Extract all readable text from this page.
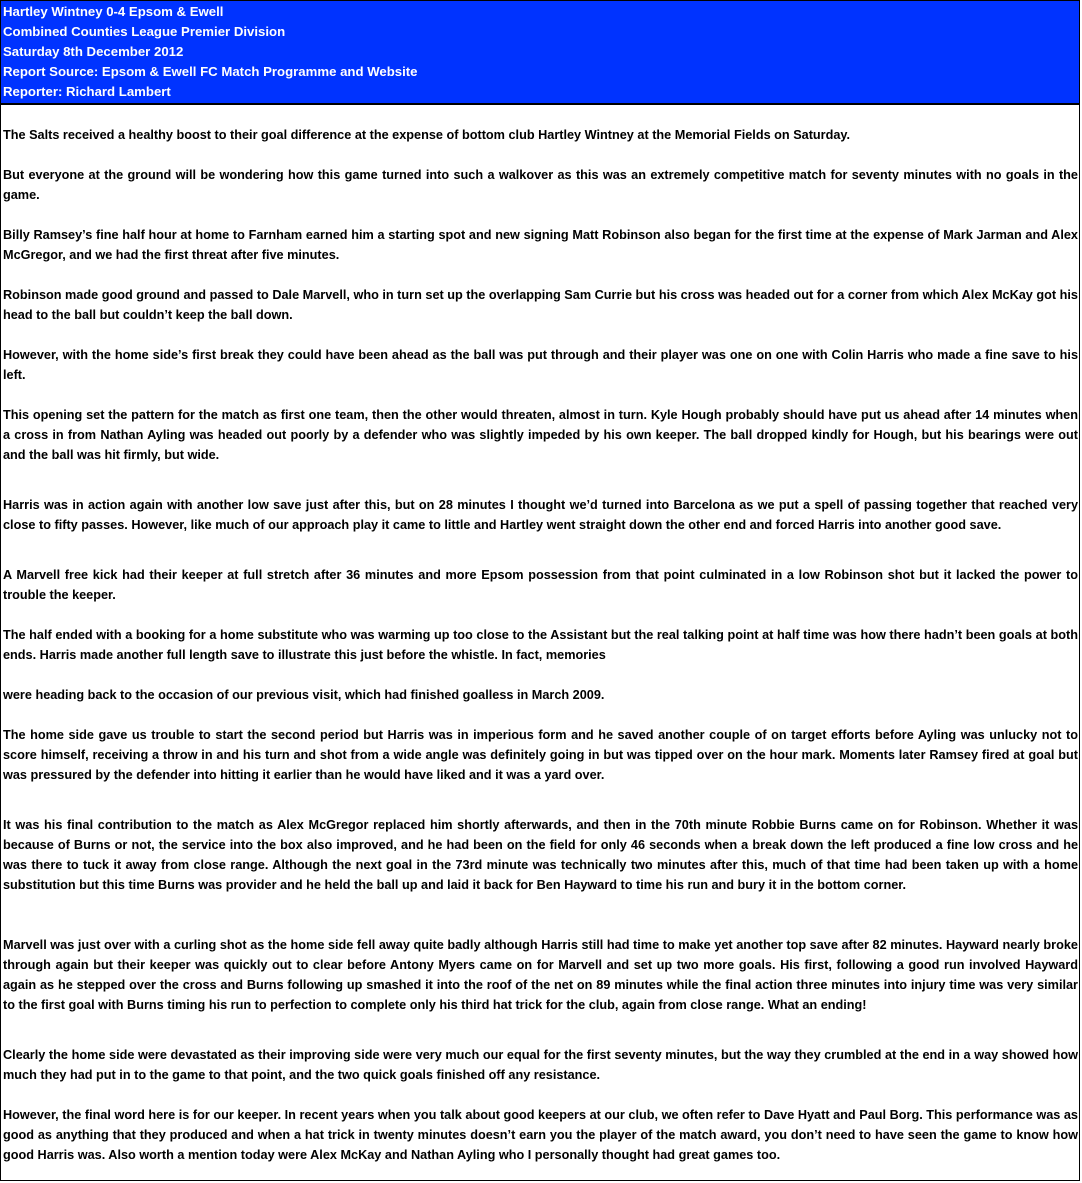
Hartley Wintney 0-4 Epsom & Ewell
Combined Counties League Premier Division
Saturday 8th December 2012
Report Source: Epsom & Ewell FC Match Programme and Website
Reporter: Richard Lambert

The Salts received a healthy boost to their goal difference at the expense of bottom club Hartley Wintney at the Memorial Fields on Saturday.

But everyone at the ground will be wondering how this game turned into such a walkover as this was an extremely competitive match for seventy minutes with no goals in the game.

Billy Ramsey’s fine half hour at home to Farnham earned him a starting spot and new signing Matt Robinson also began for the first time at the expense of Mark Jarman and Alex McGregor, and we had the first threat after five minutes.

Robinson made good ground and passed to Dale Marvell, who in turn set up the overlapping Sam Currie but his cross was headed out for a corner from which Alex McKay got his head to the ball but couldn’t keep the ball down.

However, with the home side’s first break they could have been ahead as the ball was put through and their player was one on one with Colin Harris who made a fine save to his left.

This opening set the pattern for the match as first one team, then the other would threaten, almost in turn. Kyle Hough probably should have put us ahead after 14 minutes when a cross in from Nathan Ayling was headed out poorly by a defender who was slightly impeded by his own keeper. The ball dropped kindly for Hough, but his bearings were out and the ball was hit firmly, but wide.

Harris was in action again with another low save just after this, but on 28 minutes I thought we’d turned into Barcelona as we put a spell of passing together that reached very close to fifty passes. However, like much of our approach play it came to little and Hartley went straight down the other end and forced Harris into another good save.

A Marvell free kick had their keeper at full stretch after 36 minutes and more Epsom possession from that point culminated in a low Robinson shot but it lacked the power to trouble the keeper.

The half ended with a booking for a home substitute who was warming up too close to the Assistant but the real talking point at half time was how there hadn’t been goals at both ends. Harris made another full length save to illustrate this just before the whistle. In fact, memories

were heading back to the occasion of our previous visit, which had finished goalless in March 2009.

The home side gave us trouble to start the second period but Harris was in imperious form and he saved another couple of on target efforts before Ayling was unlucky not to score himself, receiving a throw in and his turn and shot from a wide angle was definitely going in but was tipped over on the hour mark. Moments later Ramsey fired at goal but was pressured by the defender into hitting it earlier than he would have liked and it was a yard over.

It was his final contribution to the match as Alex McGregor replaced him shortly afterwards, and then in the 70th minute Robbie Burns came on for Robinson. Whether it was because of Burns or not, the service into the box also improved, and he had been on the field for only 46 seconds when a break down the left produced a fine low cross and he was there to tuck it away from close range. Although the next goal in the 73rd minute was technically two minutes after this, much of that time had been taken up with a home substitution but this time Burns was provider and he held the ball up and laid it back for Ben Hayward to time his run and bury it in the bottom corner.

Marvell was just over with a curling shot as the home side fell away quite badly although Harris still had time to make yet another top save after 82 minutes. Hayward nearly broke through again but their keeper was quickly out to clear before Antony Myers came on for Marvell and set up two more goals. His first, following a good run involved Hayward again as he stepped over the cross and Burns following up smashed it into the roof of the net on 89 minutes while the final action three minutes into injury time was very similar to the first goal with Burns timing his run to perfection to complete only his third hat trick for the club, again from close range. What an ending!

Clearly the home side were devastated as their improving side were very much our equal for the first seventy minutes, but the way they crumbled at the end in a way showed how much they had put in to the game to that point, and the two quick goals finished off any resistance.

However, the final word here is for our keeper. In recent years when you talk about good keepers at our club, we often refer to Dave Hyatt and Paul Borg. This performance was as good as anything that they produced and when a hat trick in twenty minutes doesn’t earn you the player of the match award, you don’t need to have seen the game to know how good Harris was. Also worth a mention today were Alex McKay and Nathan Ayling who I personally thought had great games too.
